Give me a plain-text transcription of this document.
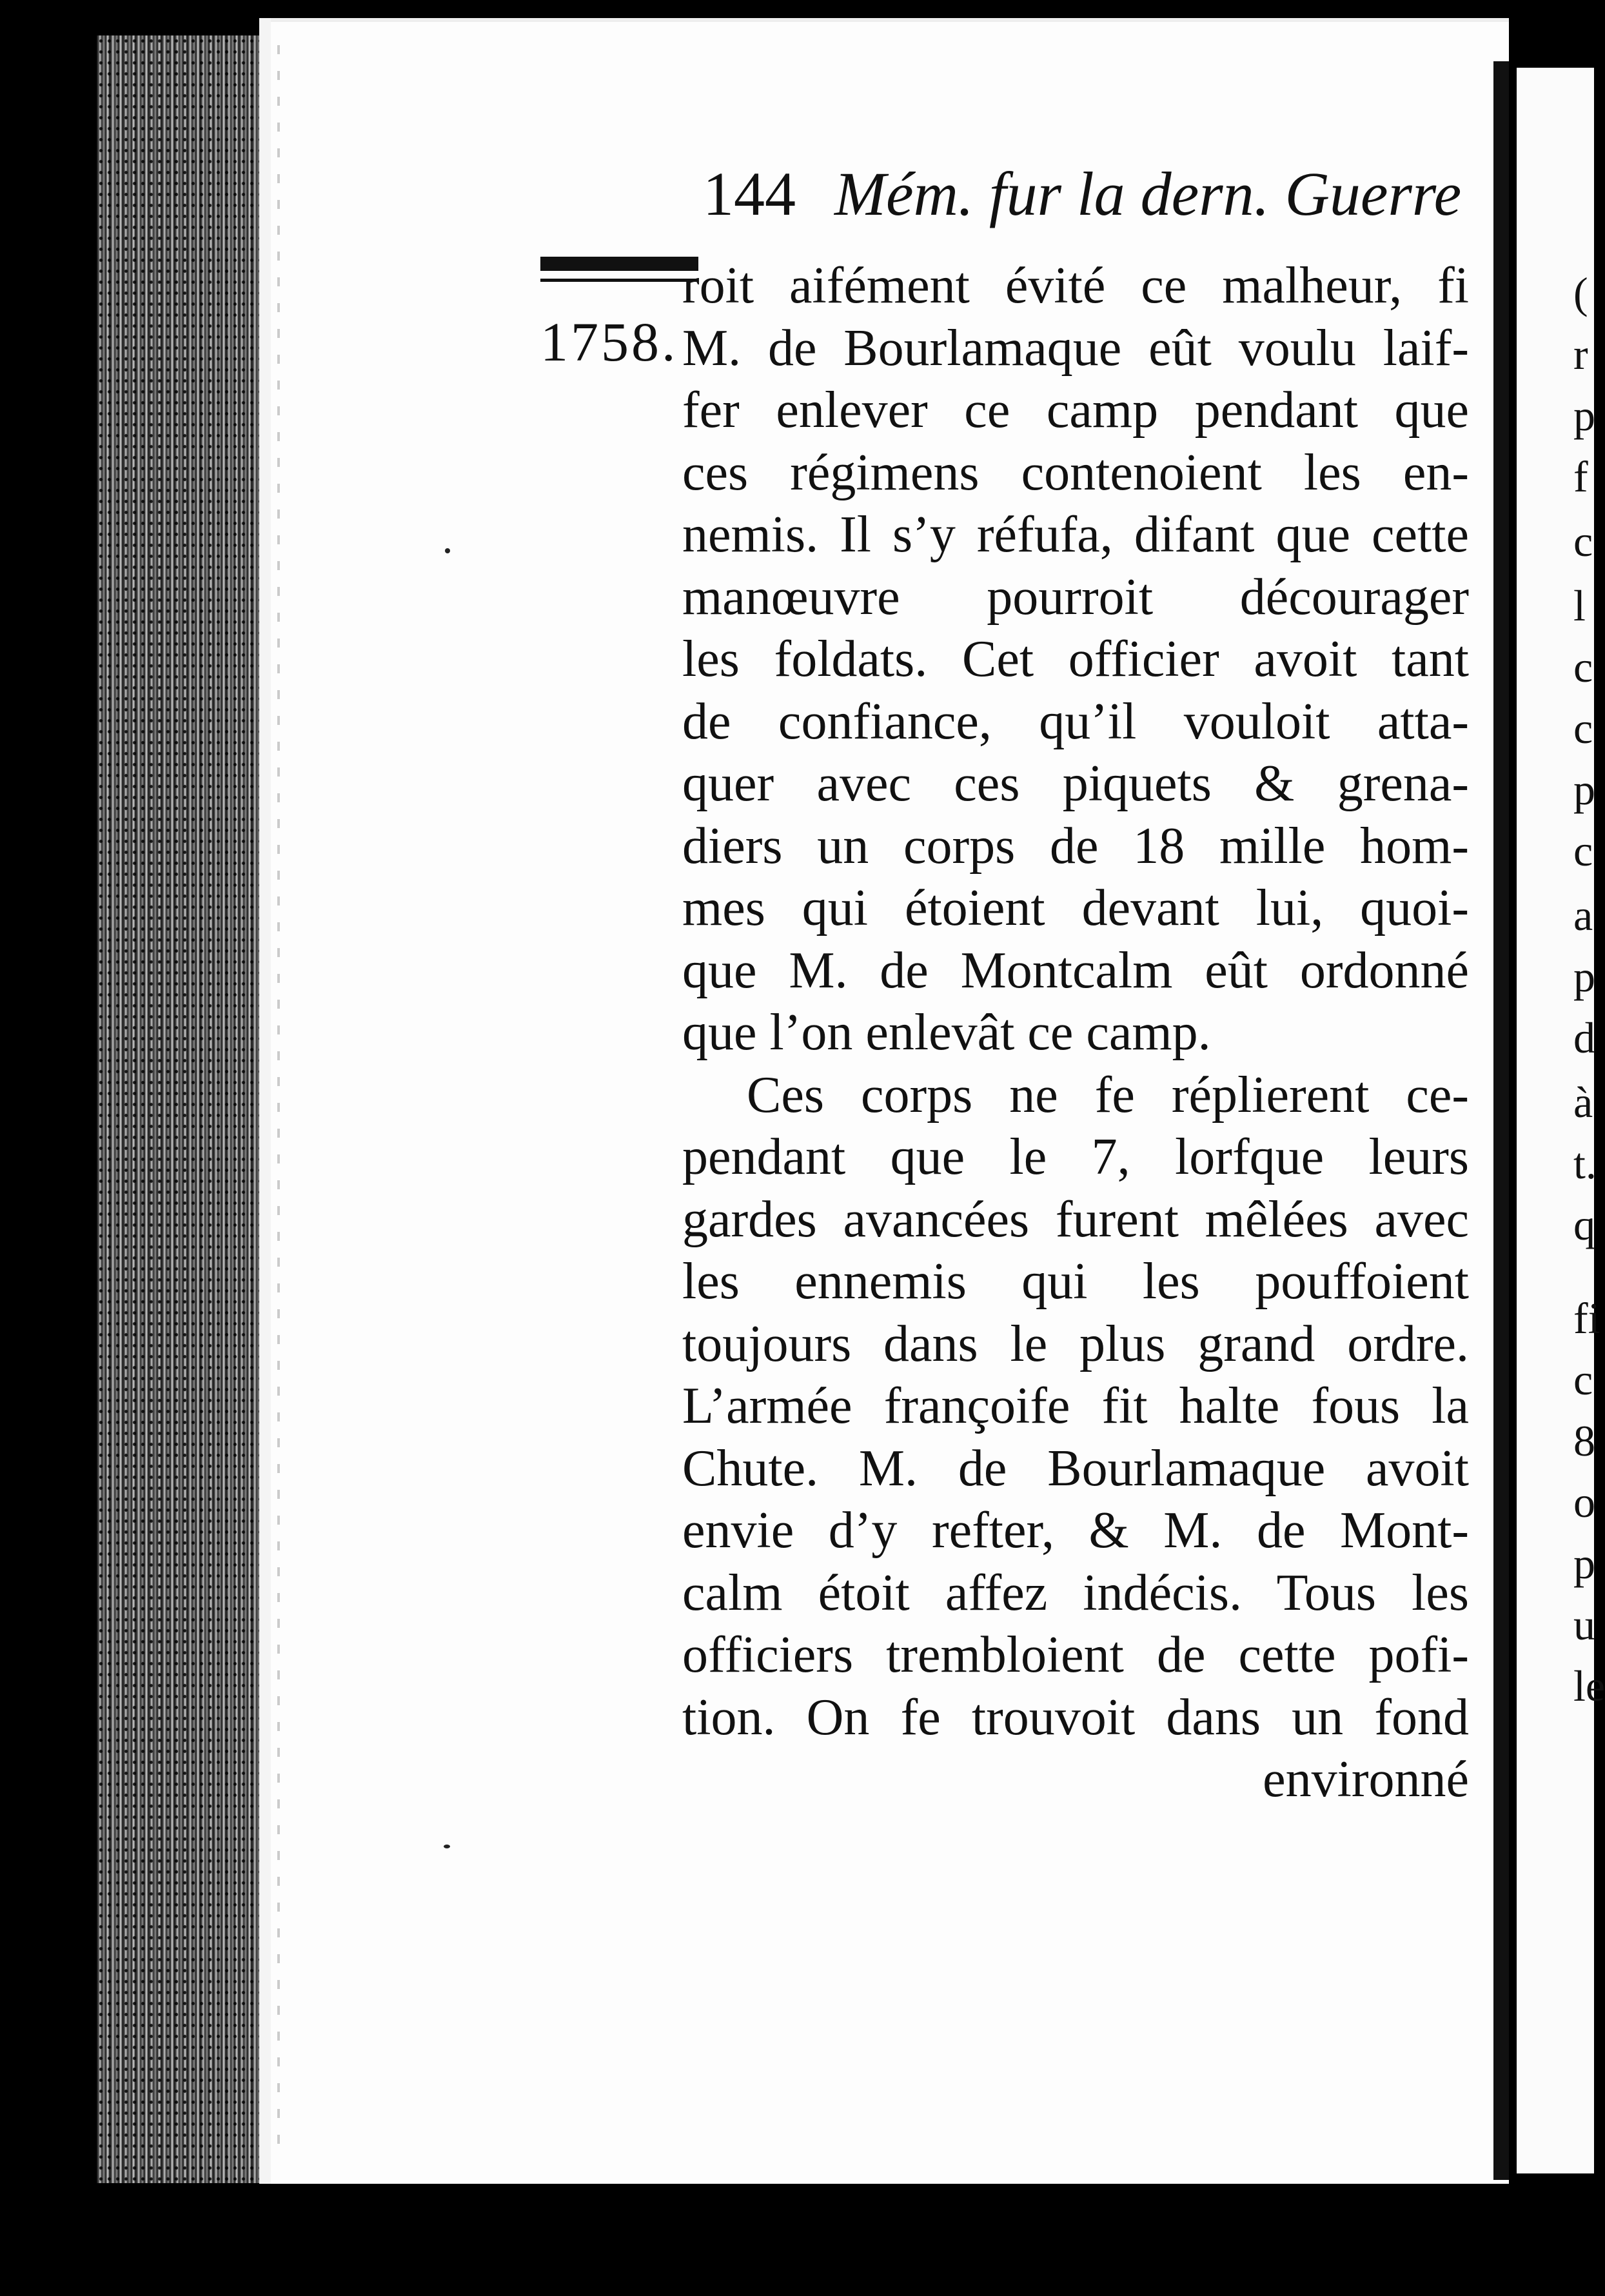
144 Mém. fur la dern. Guerre
1758.
roit aifément évité ce malheur, fi
M. de Bourlamaque eût voulu laif-
fer enlever ce camp pendant que
ces régimens contenoient les en-
nemis. Il s’y réfufa, difant que cette
manœuvre pourroit décourager
les foldats. Cet officier avoit tant
de confiance, qu’il vouloit atta-
quer avec ces piquets & grena-
diers un corps de 18 mille hom-
mes qui étoient devant lui, quoi-
que M. de Montcalm eût ordonné
que l’on enlevât ce camp.
Ces corps ne fe réplierent ce-
pendant que le 7, lorfque leurs
gardes avancées furent mêlées avec
les ennemis qui les pouffoient
toujours dans le plus grand ordre.
L’armée françoife fit halte fous la
Chute. M. de Bourlamaque avoit
envie d’y refter, & M. de Mont-
calm étoit affez indécis. Tous les
officiers trembloient de cette pofi-
tion. On fe trouvoit dans un fond
environné
(
r
p
f
c
l
c
c
p
c
a
p
d
à
t.
q
fi
c
8
o
p
u
le
